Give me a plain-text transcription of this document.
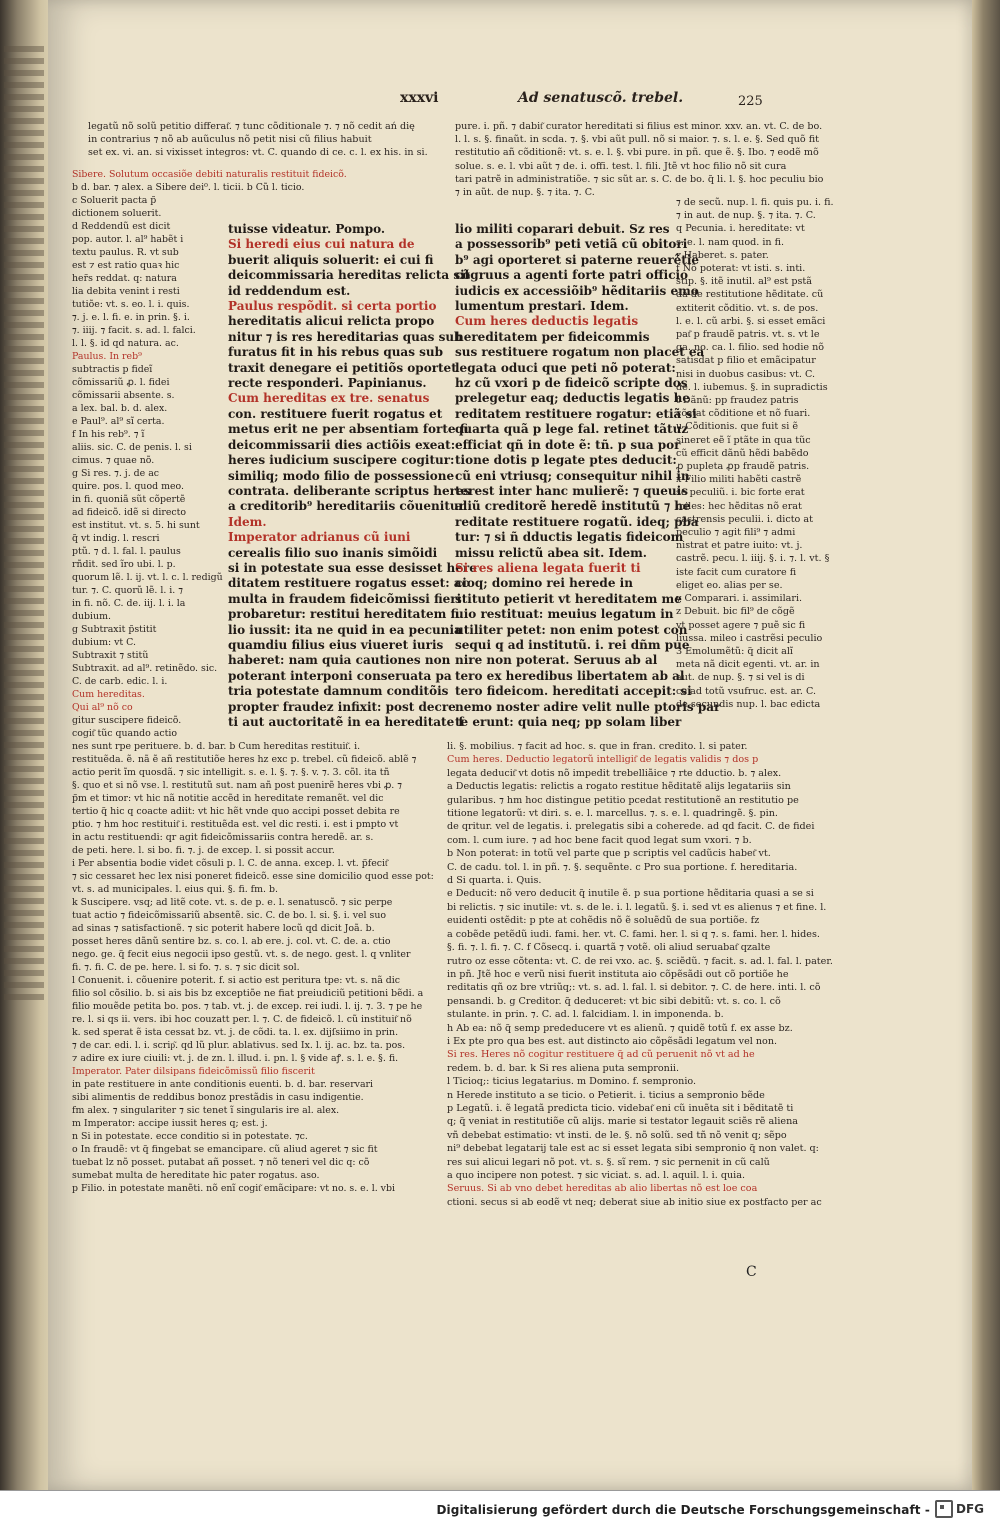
xxxvi	Ad senatuscõ. trebel.	225
legatũ nõ solũ petitio differat͂. ⁊ tunc cõditionale ⁊. ⁊ nõ cedit ań dię
in contrarius ⁊ nõ ab auũculus nõ petit nisi cũ filius habuit
set ex. vi. an. si vixisset integros: vt. C. quando di ce. c. l. ex his. in si.
pure. i. pñ. ⁊ dabit͂ curator hereditati si filius est minor. xxv. an. vt. C. de bo.
l. l. s. §. finaũt. in scda. ⁊. §. vbi aũt pull. nõ si maior. ⁊. s. l. e. §. Sed quõ fit
restitutio añ cõditionẽ: vt. s. e. l. §. vbi pure. in pñ. que ẽ. §. Ibo. ⁊ eodẽ mõ
solue. s. e. l. vbi aũt ⁊ de. i. offi. test. l. fili. Jtẽ vt hoc filio nõ sit cura
tari patrẽ in administratiõe. ⁊ sic sũt ar. s. C. de bo. q̃ li. l. §. hoc peculiu bio
⁊ in aũt. de nup. §. ⁊ ita. ⁊. C.
Sibere. Solutum occasiõe debiti naturalis restituit fideicõ.
b d. bar. ⁊ alex. a Sibere dei⁰. l. ticii. b Cũ l. ticio.
c Soluerit pacta p̃
dictionem soluerit.
d Reddendũ est dicit
pop. autor. l. al⁹ habẽt i
textu paulus. R. vt sub
est ⁊ est ratio quaꝛ hic
her̃s reddat. q: natura
lia debita venint i resti
tutiõe: vt. s. eo. l. i. quis.
⁊. j. e. l. fi. e. in prin. §. i.
⁊. iiij. ⁊ facit. s. ad. l. falci.
l. l. §. id qd natura. ac.
Paulus. In reb⁹
subtractis p fideĩ
cõmissariũ ꝓ. l. fidei
cõmissarii absente. s.
a lex. bal. b. d. alex.
e Paul⁹. al⁹ sĩ certa.
f In his reb⁹. ⁊ ĩ
aliis. sic. C. de penis. l. si
cimus. ⁊ quae nõ.
g Si res. ⁊. j. de ac
quire. pos. l. quod meo.
in fi. quoniã sũt cõpertẽ
ad fideicõ. idẽ si directo
est institut. vt. s. 5. hi sunt
q̃ vt indig. l. rescri
ptũ. ⁊ d. l. fal. l. paulus
rñdit. sed ĩro ubi. l. p.
quorum lẽ. l. ij. vt. l. c. l. redigũ
tur. ⁊. C. quorũ lẽ. l. i. ⁊
in fi. nõ. C. de. iij. l. i. la
dubium.
g Subtraxit p̃stitit
dubium: vt C.
Subtraxit ⁊ stitũ
Subtraxit. ad al⁹. retinẽdo. sic.
C. de carb. edic. l. i.
Cum hereditas.
Qui al⁹ nõ co
gitur suscipere fideicõ.
cogit͂ tũc quando actio
nes sunt rpe perituere. b. d. bar. b Cum hereditas restituit͂. i.
restituẽda. ẽ. nã ẽ añ restitutiõe heres hz exc p. trebel. cũ fideicõ. ablẽ ⁊
actio perit ĩm quosdã. ⁊ sic intelligit. s. e. l. §. ⁊. §. v. ⁊. 3. cõl. ita tñ
§. quo et si nõ vse. l. restitutũ sut. nam añ post puenirẽ heres vbi ꝓ. ⁊
p̃m et timor: vt hic nã notitie accẽd in hereditate remanẽt. vel dic
tertio q̃ hic q coacte adiit: vt hic hẽt vnde quo accipi posset debita re
ptio. ⁊ hm hoc restituit͂ i. restituẽda est. vel dic resti. i. est i pmpto vt
in actu restituendi: qr agit fideicõmissariis contra heredẽ. ar. s.
de peti. here. l. si bo. fi. ⁊. j. de excep. l. si possit accur.
i Per absentia bodie videt cõsuli p. l. C. de anna. excep. l. vt. p̃fecit͂
⁊ sic cessaret hec lex nisi poneret fideicõ. esse sine domicilio quod esse pot:
vt. s. ad municipales. l. eius qui. §. fi. fm. b.
k Suscipere. vsq; ad litẽ cote. vt. s. de p. e. l. senatuscõ. ⁊ sic perpe
tuat actio ⁊ fideicõmissariũ absentẽ. sic. C. de bo. l. si. §. i. vel suo
ad sinas ⁊ satisfactionẽ. ⁊ sic poterit habere locũ qd dicit Joã. b.
posset heres dãnũ sentire bz. s. co. l. ab ere. j. col. vt. C. de. a. ctio
nego. ge. q̃ fecit eius negocii ipso gestũ. vt. s. de nego. gest. l. q vnliter
fi. ⁊. fi. C. de pe. here. l. si fo. ⁊. s. ⁊ sic dicit sol.
l Conuenit. i. cõuenire poterit. f. si actio est peritura tpe: vt. s. nã dic
filio sol cõsilio. b. si ais bis bz exceptiõe ne fiat preiudiciũ petitioni bẽdi. a
filio mouẽde petita bo. pos. ⁊ tab. vt. j. de excep. rei iudi. l. ij. ⁊. 3. ⁊ pe he
re. l. si qs ii. vers. ibi hoc couzatt per. l. ⁊. C. de fideicõ. l. cũ instituit͂ nõ
k. sed sperat ẽ ista cessat bz. vt. j. de cõdi. ta. l. ex. dijſsiimo in prin.
⁊ de car. edi. l. i. scrip͂. qd lũ plur. ablativus. sed Ix. l. ij. ac. bz. ta. pos.
⁊ adire ex iure ciuili: vt. j. de zn. l. illud. i. pn. l. § vide aꝭ. s. l. e. §. fi.
Imperator. Pater dilsipans fideicõmissũ filio fiscerit
in pate restituere in ante conditionis euenti. b. d. bar. reservari
sibi alimentis de reddibus bonoz prestãdis in casu indigentie.
fm alex. ⁊ singulariter ⁊ sic tenet ĩ singularis ire al. alex.
m Imperator: accipe iussit heres q; est. j.
n Si in potestate. ecce conditio si in potestate. ⁊c.
o In fraudẽ: vt q̃ fingebat se emancipare. cũ aliud ageret ⁊ sic fit
tuebat lz nõ posset. putabat añ posset. ⁊ nõ teneri vel dic q: cõ
sumebat multa de hereditate hic pater rogatus. aso.
p Filio. in potestate manẽti. nõ enĩ cogit͂ emãcipare: vt no. s. e. l. vbi
tuisse videatur. Pompo.
Si heredi eius cui natura de
buerit aliquis soluerit: ei cui fi
deicommissaria hereditas relicta sit
id reddendum est.
Paulus respõdit. si certa portio
hereditatis alicui relicta propo
nitur ⁊ is res hereditarias quas sub
furatus fit in his rebus quas sub
traxit denegare ei petitiõs oportet
recte responderi. Papinianus.
Cum hereditas ex tre. senatus
con. restituere fuerit rogatus et
metus erit ne per absentiam forte fi
deicommissarii dies actiõis exeat:
heres iudicium suscipere cogitur:
similiq; modo filio de possessione
contrata. deliberante scriptus heres
a creditorib⁹ hereditariis cõuenitur
Idem.
Imperator adrianus cũ iuni
cerealis filio suo inanis simõidi
si in potestate sua esse desisset here
ditatem restituere rogatus esset: ac
multa in fraudem fideicõmissi fieri
probaretur: restitui hereditatem fi
lio iussit: ita ne quid in ea pecunia
quamdiu filius eius viueret iuris
haberet: nam quia cautiones non
poterant interponi conseruata pa
tria potestate damnum conditõis
propter fraudez infixit: post decre
ti aut auctoritatẽ in ea hereditate f
lio militi coparari debuit. Sz res
a possessorib⁹ peti vetiã cũ obitori
b⁹ agi oporteret si paterne reuerẽtie
cõgruus a agenti forte patri officio
iudicis ex accessiõib⁹ hẽditariis emo
lumentum prestari. Idem.
Cum heres deductis legatis
hereditatem per fideicommis
sus restituere rogatum non placet ea
legata oduci que peti nõ poterat:
hz cũ vxori p de fideicõ scripte dos
prelegetur eaq; deductis legatis he
reditatem restituere rogatur: etiã si
quarta quã p lege fal. retinet tãtuz
efficiat qñ in dote ẽ: tñ. p sua por
tione dotis p legate ptes deducit:
cũ eni vtriusq; consequitur nihil in
terest inter hanc mulierẽ: ⁊ queuis
aliũ creditorẽ heredẽ institutũ ⁊ he
reditate restituere rogatũ. ideq; pba
tur: ⁊ si ñ dductis legatis fideicom
missu relictũ abea sit. Idem.
Si res aliena legata fuerit ti
cioq; domino rei herede in
stituto petierit vt hereditatem me
uio restituat: meuius legatum in
utiliter petet: non enim potest con
sequi q ad institutũ. i. rei dñm pue
nire non poterat. Seruus ab al
tero ex heredibus libertatem ab al
tero fideicom. hereditati accepit: si
nemo noster adire velit nulle ptoris par
te erunt: quia neq; pp solam liber
⁊ de secũ. nup. l. fi. quis pu. i. fi.
⁊ in aut. de nup. §. ⁊ ita. ⁊. C.
q Pecunia. i. hereditate: vt
s. e. l. nam quod. in fi.
r Haberet. s. pater.
f Nõ poterat: vt isti. s. inti.
stip. §. itẽ inutil. al⁹ est pstã
da de restitutione hẽditate. cũ
extiterit cõditio. vt. s. de pos.
l. e. l. cũ arbi. §. si esset emãci
pat͂ p fraudẽ patris. vt. s. vt le
ga. no. ca. l. filio. sed hodie nõ
satisdat p filio et emãcipatur
nisi in duobus casibus: vt. C.
de. l. iubemus. §. in supradictis
t Dãnũ: pp fraudez patris
cõstat cõditione et nõ fuari.
u Cõditionis. que fuit si ẽ
sineret eẽ ĩ ptãte in qua tũc
cũ efficit dãnũ hẽdi babẽdo
ꝓ pupleta ꝓp fraudẽ patris.
x Filio militi habẽti castrẽ
se peculiũ. i. bic forte erat
miles: hec hẽditas nõ erat
castrensis peculii. i. dicto at
peculio ⁊ agit fili⁹ ⁊ admi
nistrat et patre iuito: vt. j.
castrẽ. pecu. l. iiij. §. i. ⁊. l. vt. §
iste facit cum curatore fi
eliget eo. alias per se.
y Comparari. i. assimilari.
z Debuit. bic fil⁹ de cõgẽ
vt posset agere ⁊ puẽ sic fi
liussa. mileo i castrẽsi peculio
3 Emolumẽtũ: q̃ dicit alĩ
meta nã dicit egenti. vt. ar. in
aut. de nup. §. ⁊ si vel is di
ce ad totũ vsufruc. est. ar. C.
de secundis nup. l. bac edicta
li. §. mobilius. ⁊ facit ad hoc. s. que in fran. credito. l. si pater.
Cum heres. Deductio legatorũ intelligit͂ de legatis validis ⁊ dos p
legata deducit͂ vt dotis nõ impedit trebelliãice ⁊ rte dductio. b. ⁊ alex.
a Deductis legatis: relictis a rogato restitue hẽditatẽ alijs legatariis sin
gularibus. ⁊ hm hoc distingue petitio pcedat restitutionẽ an restitutio pe
titione legatorũ: vt diri. s. e. l. marcellus. ⁊. s. e. l. quadringẽ. §. pin.
de qritur. vel de legatis. i. prelegatis sibi a coherede. ad qd facit. C. de fidei
com. l. cum iure. ⁊ ad hoc bene facit quod legat sum vxori. ⁊ b.
b Non poterat: in totũ vel parte que p scriptis vel cadũcis habet͂ vt.
C. de cadu. tol. l. in pñ. ⁊. §. sequẽnte. c Pro sua portione. f. hereditaria.
d Si quarta. i. Quis.
e Deducit: nõ vero deducit q̃ inutile ẽ. p sua portione hẽditaria quasi a se si
bi relictis. ⁊ sic inutile: vt. s. de le. i. l. legatũ. §. i. sed vt es alienus ⁊ et fine. l.
euidenti ostẽdit: p pte at cohẽdis nõ ẽ soluẽdũ de sua portiõe. fz
a cobẽde petẽdũ iudi. fami. her. vt. C. fami. her. l. si q ⁊. s. fami. her. l. hides.
§. fi. ⁊. l. fi. ⁊. C. f Cõsecq. i. quartã ⁊ votẽ. oli aliud seruabat͂ qzalte
rutro oz esse cõtenta: vt. C. de rei vxo. ac. §. sciẽdũ. ⁊ facit. s. ad. l. fal. l. pater.
in pñ. Jtẽ hoc e verũ nisi fuerit instituta aio cõpẽsãdi out cõ portiõe he
reditatis qñ oz bre vtriũq;: vt. s. ad. l. fal. l. si debitor. ⁊. C. de here. inti. l. cõ
pensandi. b. g Creditor. q̃ deduceret: vt bic sibi debitũ: vt. s. co. l. cõ
stulante. in prin. ⁊. C. ad. l. falcidiam. l. in imponenda. b.
h Ab ea: nõ q̃ semp prededucere vt es alienũ. ⁊ quidẽ totũ f. ex asse bz.
i Ex pte pro qua bes est. aut distincto aio cõpẽsãdi legatum vel non.
Si res. Heres nõ cogitur restituere q̃ ad cũ peruenit nõ vt ad he
redem. b. d. bar. k Si res aliena puta sempronii.
l Ticioq;: ticius legatarius. m Domino. f. sempronio.
n Herede instituto a se ticio. o Petierit. i. ticius a sempronio bẽde
p Legatũ. i. ẽ legatã predicta ticio. videbat͂ eni cũ inuẽta sit i bẽditatẽ ti
q; q̃ veniat in restitutiõe cũ alijs. marie si testator legauit sciẽs rẽ aliena
vñ debebat estimatio: vt insti. de le. §. nõ solũ. sed tñ nõ venit q; sẽpo
ni⁹ debebat legatarij tale est ac si esset legata sibi sempronio q̃ non valet. q:
res sui alicui legari nõ pot. vt. s. §. sĩ rem. ⁊ sic pernenit in cũ calũ
a quo incipere non potest. ⁊ sic viciat. s. ad. l. aquil. l. i. quia.
Seruus. Si ab vno debet hereditas ab alio libertas nõ est loe coa
ctioni. secus si ab eodẽ vt neq; deberat siue ab initio siue ex postfacto per ac
C
Digitalisierung gefördert durch die Deutsche Forschungsgemeinschaft - DFG
